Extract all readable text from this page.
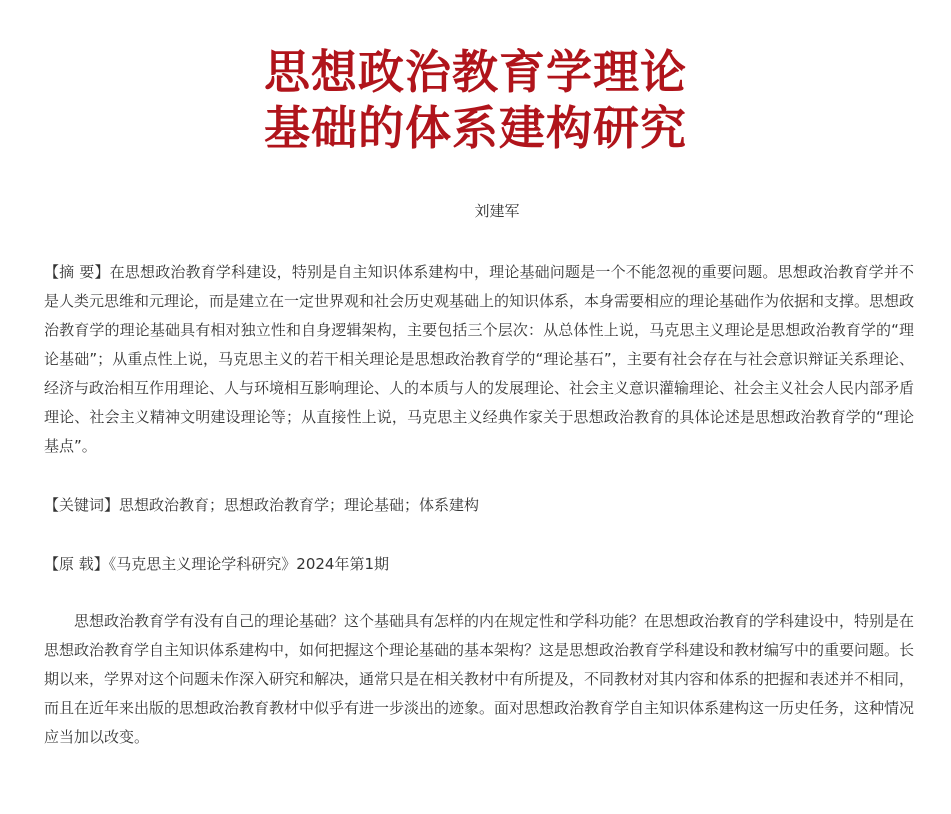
思想政治教育学理论
基础的体系建构研究
刘建军

【摘 要】在思想政治教育学科建设，特别是自主知识体系建构中，理论基础问题是一个不能忽视的重要问题。思想政治教育学并不是人类元思维和元理论，而是建立在一定世界观和社会历史观基础上的知识体系，本身需要相应的理论基础作为依据和支撑。思想政治教育学的理论基础具有相对独立性和自身逻辑架构，主要包括三个层次：从总体性上说，马克思主义理论是思想政治教育学的“理论基础”；从重点性上说，马克思主义的若干相关理论是思想政治教育学的“理论基石”，主要有社会存在与社会意识辩证关系理论、经济与政治相互作用理论、人与环境相互影响理论、人的本质与人的发展理论、社会主义意识灌输理论、社会主义社会人民内部矛盾理论、社会主义精神文明建设理论等；从直接性上说，马克思主义经典作家关于思想政治教育的具体论述是思想政治教育学的“理论基点”。

【关键词】思想政治教育；思想政治教育学；理论基础；体系建构

【原 载】《马克思主义理论学科研究》2024年第1期

思想政治教育学有没有自己的理论基础？这个基础具有怎样的内在规定性和学科功能？在思想政治教育的学科建设中，特别是在思想政治教育学自主知识体系建构中，如何把握这个理论基础的基本架构？这是思想政治教育学科建设和教材编写中的重要问题。长期以来，学界对这个问题未作深入研究和解决，通常只是在相关教材中有所提及，不同教材对其内容和体系的把握和表述并不相同，而且在近年来出版的思想政治教育教材中似乎有进一步淡出的迹象。面对思想政治教育学自主知识体系建构这一历史任务，这种情况应当加以改变。
